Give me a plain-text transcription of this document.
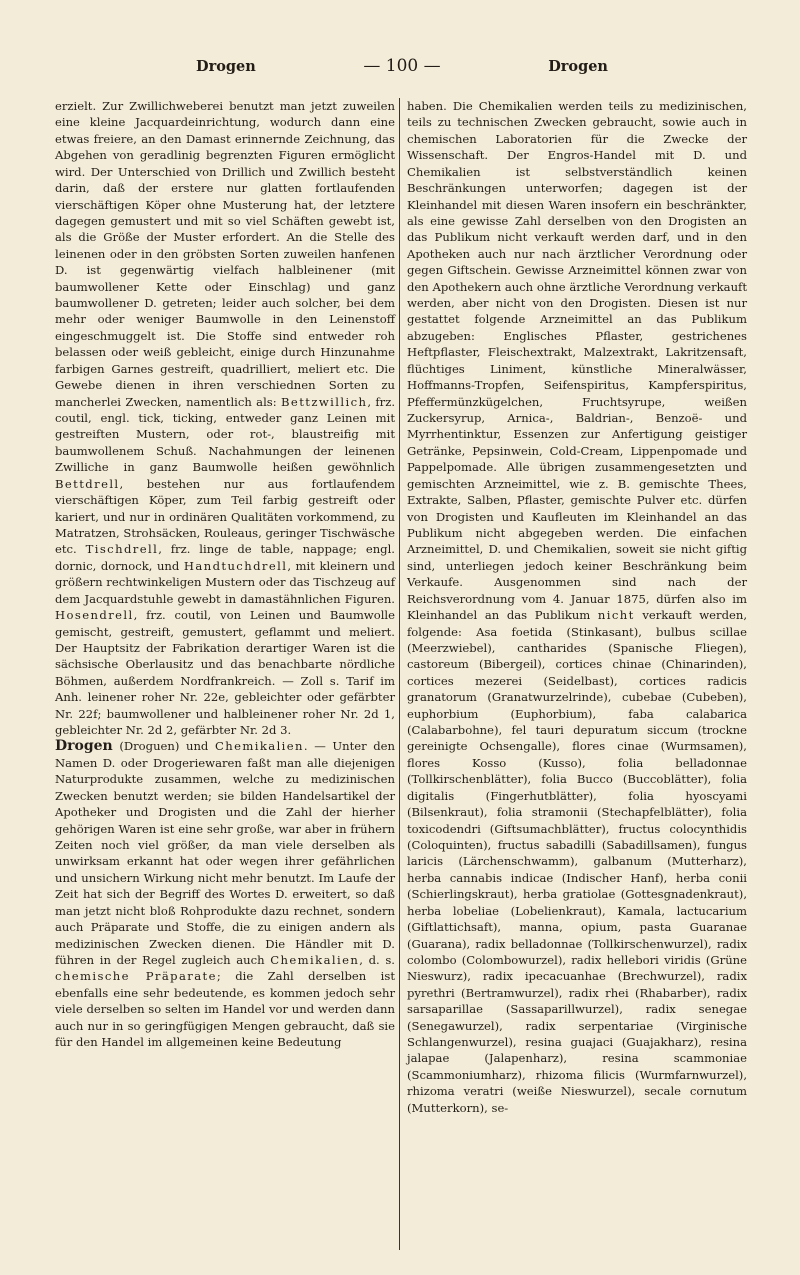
Drogen	— 100 —	Drogen

erzielt. Zur Zwillichweberei benutzt man jetzt zuweilen eine kleine Jacquardeinrichtung, wodurch dann eine etwas freiere, an den Damast erinnernde Zeichnung, das Abgehen von geradlinig begrenzten Figuren ermöglicht wird. Der Unterschied von Drillich und Zwillich besteht darin, daß der erstere nur glatten fortlaufenden vierschäftigen Köper ohne Musterung hat, der letztere dagegen gemustert und mit so viel Schäften gewebt ist, als die Größe der Muster erfordert. An die Stelle des leinenen oder in den gröbsten Sorten zuweilen hanfenen D. ist gegenwärtig vielfach halbleinener (mit baumwollener Kette oder Einschlag) und ganz baumwollener D. getreten; leider auch solcher, bei dem mehr oder weniger Baumwolle in den Leinenstoff eingeschmuggelt ist. Die Stoffe sind entweder roh belassen oder weiß gebleicht, einige durch Hinzunahme farbigen Garnes gestreift, quadrilliert, meliert etc. Die Gewebe dienen in ihren verschiednen Sorten zu mancherlei Zwecken, namentlich als: Bettzwillich, frz. coutil, engl. tick, ticking, entweder ganz Leinen mit gestreiften Mustern, oder rot-, blaustreifig mit baumwollenem Schuß. Nachahmungen der leinenen Zwilliche in ganz Baumwolle heißen gewöhnlich Bettdrell, bestehen nur aus fortlaufendem vierschäftigen Köper, zum Teil farbig gestreift oder kariert, und nur in ordinären Qualitäten vorkommend, zu Matratzen, Strohsäcken, Rouleaus, geringer Tischwäsche etc. Tischdrell, frz. linge de table, nappage; engl. dornic, dornock, und Handtuchdrell, mit kleinern und größern rechtwinkeligen Mustern oder das Tischzeug auf dem Jacquardstuhle gewebt in damastähnlichen Figuren. Hosendrell, frz. coutil, von Leinen und Baumwolle gemischt, gestreift, gemustert, geflammt und meliert. Der Hauptsitz der Fabrikation derartiger Waren ist die sächsische Oberlausitz und das benachbarte nördliche Böhmen, außerdem Nordfrankreich. — Zoll s. Tarif im Anh. leinener roher Nr. 22e, gebleichter oder gefärbter Nr. 22f; baumwollener und halbleinener roher Nr. 2d 1, gebleichter Nr. 2d 2, gefärbter Nr. 2d 3.

Drogen (Droguen) und Chemikalien. — Unter den Namen D. oder Drogeriewaren faßt man alle diejenigen Naturprodukte zusammen, welche zu medizinischen Zwecken benutzt werden; sie bilden Handelsartikel der Apotheker und Drogisten und die Zahl der hierher gehörigen Waren ist eine sehr große, war aber in frühern Zeiten noch viel größer, da man viele derselben als unwirksam erkannt hat oder wegen ihrer gefährlichen und unsichern Wirkung nicht mehr benutzt. Im Laufe der Zeit hat sich der Begriff des Wortes D. erweitert, so daß man jetzt nicht bloß Rohprodukte dazu rechnet, sondern auch Präparate und Stoffe, die zu einigen andern als medizinischen Zwecken dienen. Die Händler mit D. führen in der Regel zugleich auch Chemikalien, d. s. chemische Präparate; die Zahl derselben ist ebenfalls eine sehr bedeutende, es kommen jedoch sehr viele derselben so selten im Handel vor und werden dann auch nur in so geringfügigen Mengen gebraucht, daß sie für den Handel im allgemeinen keine Bedeutung

haben. Die Chemikalien werden teils zu medizinischen, teils zu technischen Zwecken gebraucht, sowie auch in chemischen Laboratorien für die Zwecke der Wissenschaft. Der Engros-Handel mit D. und Chemikalien ist selbstverständlich keinen Beschränkungen unterworfen; dagegen ist der Kleinhandel mit diesen Waren insofern ein beschränkter, als eine gewisse Zahl derselben von den Drogisten an das Publikum nicht verkauft werden darf, und in den Apotheken auch nur nach ärztlicher Verordnung oder gegen Giftschein. Gewisse Arzneimittel können zwar von den Apothekern auch ohne ärztliche Verordnung verkauft werden, aber nicht von den Drogisten. Diesen ist nur gestattet folgende Arzneimittel an das Publikum abzugeben: Englisches Pflaster, gestrichenes Heftpflaster, Fleischextrakt, Malzextrakt, Lakritzensaft, flüchtiges Liniment, künstliche Mineralwässer, Hoffmanns-Tropfen, Seifenspiritus, Kampferspiritus, Pfeffermünzkügelchen, Fruchtsyrupe, weißen Zuckersyrup, Arnica-, Baldrian-, Benzoë- und Myrrhentinktur, Essenzen zur Anfertigung geistiger Getränke, Pepsinwein, Cold-Cream, Lippenpomade und Pappelpomade. Alle übrigen zusammengesetzten und gemischten Arzneimittel, wie z. B. gemischte Thees, Extrakte, Salben, Pflaster, gemischte Pulver etc. dürfen von Drogisten und Kaufleuten im Kleinhandel an das Publikum nicht abgegeben werden. Die einfachen Arzneimittel, D. und Chemikalien, soweit sie nicht giftig sind, unterliegen jedoch keiner Beschränkung beim Verkaufe. Ausgenommen sind nach der Reichsverordnung vom 4. Januar 1875, dürfen also im Kleinhandel an das Publikum nicht verkauft werden, folgende: Asa foetida (Stinkasant), bulbus scillae (Meerzwiebel), cantharides (Spanische Fliegen), castoreum (Bibergeil), cortices chinae (Chinarinden), cortices mezerei (Seidelbast), cortices radicis granatorum (Granatwurzelrinde), cubebae (Cubeben), euphorbium (Euphorbium), faba calabarica (Calabarbohne), fel tauri depuratum siccum (trockne gereinigte Ochsengalle), flores cinae (Wurmsamen), flores Kosso (Kusso), folia belladonnae (Tollkirschenblätter), folia Bucco (Buccoblätter), folia digitalis (Fingerhutblätter), folia hyoscyami (Bilsenkraut), folia stramonii (Stechapfelblätter), folia toxicodendri (Giftsumachblätter), fructus colocynthidis (Coloquinten), fructus sabadilli (Sabadillsamen), fungus laricis (Lärchenschwamm), galbanum (Mutterharz), herba cannabis indicae (Indischer Hanf), herba conii (Schierlingskraut), herba gratiolae (Gottesgnadenkraut), herba lobeliae (Lobelienkraut), Kamala, lactucarium (Giftlattichsaft), manna, opium, pasta Guaranae (Guarana), radix belladonnae (Tollkirschenwurzel), radix colombo (Colombowurzel), radix hellebori viridis (Grüne Nieswurz), radix ipecacuanhae (Brechwurzel), radix pyrethri (Bertramwurzel), radix rhei (Rhabarber), radix sarsaparillae (Sassaparillwurzel), radix senegae (Senegawurzel), radix serpentariae (Virginische Schlangenwurzel), resina guajaci (Guajakharz), resina jalapae (Jalapenharz), resina scammoniae (Scammoniumharz), rhizoma filicis (Wurmfarnwurzel), rhizoma veratri (weiße Nieswurzel), secale cornutum (Mutterkorn), se-
